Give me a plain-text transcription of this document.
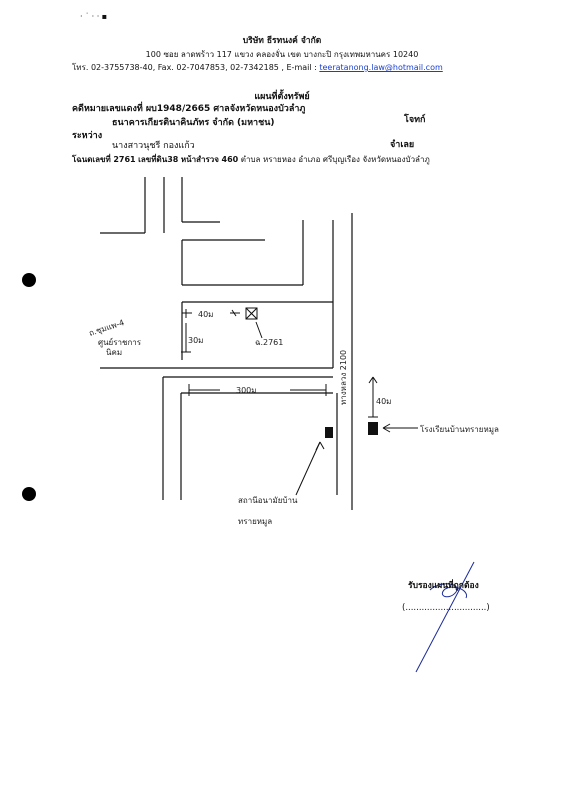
· ˙ · · ▪
บริษัท ธีรทนงค์ จำกัด
100 ซอย ลาดพร้าว 117 แขวง คลองจั่น เขต บางกะปิ กรุงเทพมหานคร 10240
โทร. 02-3755738-40, Fax. 02-7047853, 02-7342185 , E-mail : teeratanong.law@hotmail.com
แผนที่ตั้งทรัพย์
คดีหมายเลขแดงที่ ผบ1948/2665 ศาลจังหวัดหนองบัวลำภู
ธนาคารเกียรตินาคินภัทร จำกัด (มหาชน)	โจทก์
ระหว่าง
นางสาวนุชรี กองแก้ว	จำเลย
โฉนดเลขที่ 2761 เลขที่ดิน38 หน้าสำรวจ 460 ตำบล หรายหอง อำเภอ ศรีบุญเรือง จังหวัดหนองบัวลำภู
40ม
30ม	ฉ.2761
300ม
40ม
ทางหลวง 2100
ถ.ชุมแพ-4
ศูนย์ราชการ
นิคม
โรงเรียนบ้านทรายหมูล
สถานีอนามัยบ้าน
ทรายหมูล
รับรองแผนที่ถูกต้อง
(..............................)
